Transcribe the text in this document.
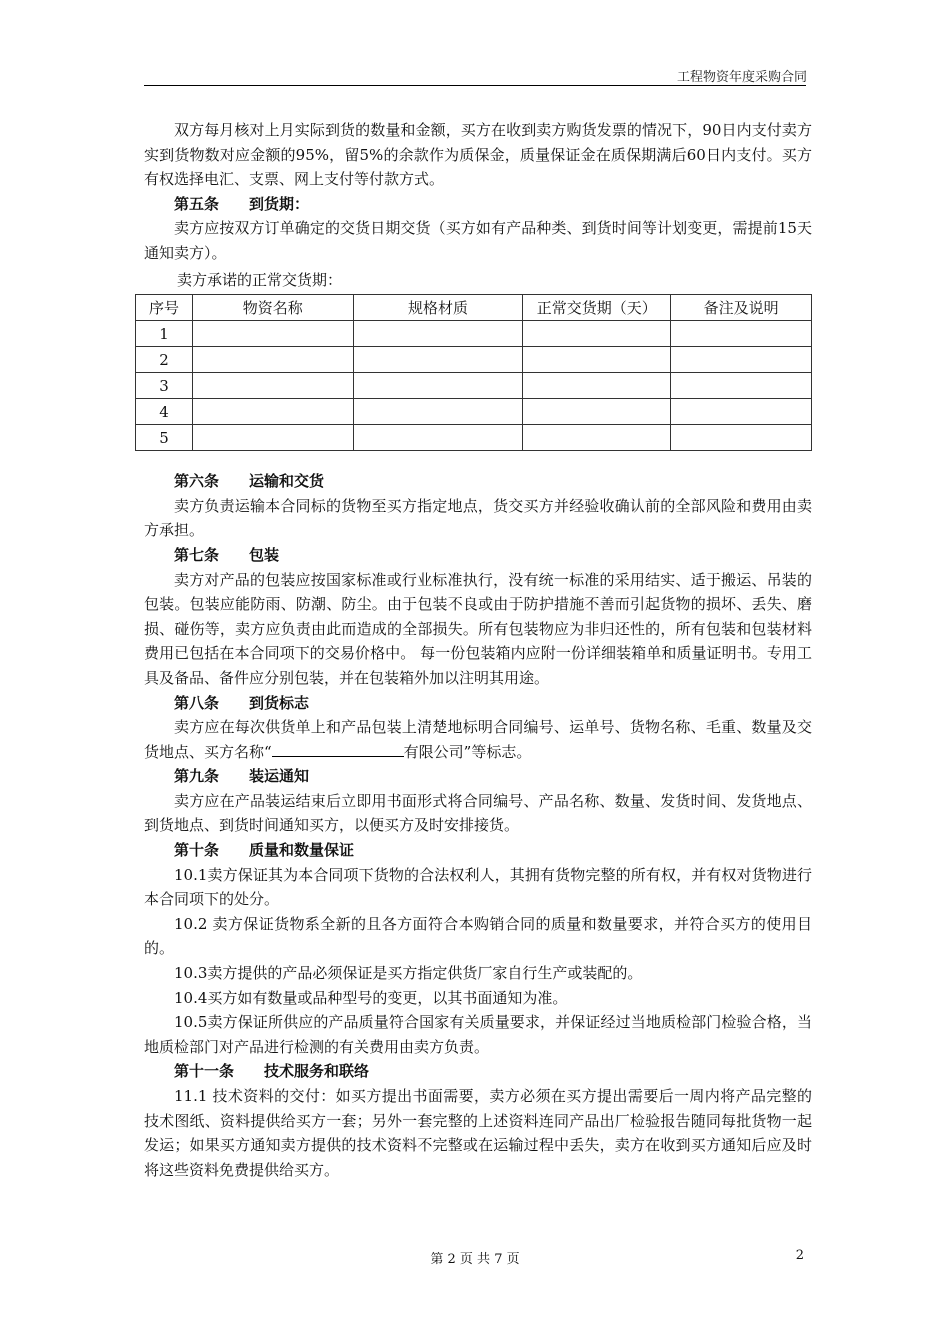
工程物资年度采购合同

双方每月核对上月实际到货的数量和金额，买方在收到卖方购货发票的情况下，90日内支付卖方实到货物数对应金额的95%，留5%的余款作为质保金，质量保证金在质保期满后60日内支付。买方有权选择电汇、支票、网上支付等付款方式。

第五条 到货期：

卖方应按双方订单确定的交货日期交货（买方如有产品种类、到货时间等计划变更，需提前15天通知卖方）。

卖方承诺的正常交货期：

序号	物资名称	规格材质	正常交货期（天）	备注及说明
1				
2				
3				
4				
5				

第六条 运输和交货

卖方负责运输本合同标的货物至买方指定地点，货交买方并经验收确认前的全部风险和费用由卖方承担。

第七条 包装

卖方对产品的包装应按国家标准或行业标准执行，没有统一标准的采用结实、适于搬运、吊装的包装。包装应能防雨、防潮、防尘。由于包装不良或由于防护措施不善而引起货物的损坏、丢失、磨损、碰伤等，卖方应负责由此而造成的全部损失。所有包装物应为非归还性的，所有包装和包装材料费用已包括在本合同项下的交易价格中。 每一份包装箱内应附一份详细装箱单和质量证明书。专用工具及备品、备件应分别包装，并在包装箱外加以注明其用途。

第八条 到货标志

卖方应在每次供货单上和产品包装上清楚地标明合同编号、运单号、货物名称、毛重、数量及交货地点、买方名称“	有限公司”等标志。

第九条 装运通知

卖方应在产品装运结束后立即用书面形式将合同编号、产品名称、数量、发货时间、发货地点、到货地点、到货时间通知买方，以便买方及时安排接货。

第十条 质量和数量保证

10.1卖方保证其为本合同项下货物的合法权利人，其拥有货物完整的所有权，并有权对货物进行本合同项下的处分。

10.2 卖方保证货物系全新的且各方面符合本购销合同的质量和数量要求，并符合买方的使用目的。

10.3卖方提供的产品必须保证是买方指定供货厂家自行生产或装配的。

10.4买方如有数量或品种型号的变更，以其书面通知为准。

10.5卖方保证所供应的产品质量符合国家有关质量要求，并保证经过当地质检部门检验合格，当地质检部门对产品进行检测的有关费用由卖方负责。

第十一条 技术服务和联络

11.1 技术资料的交付：如买方提出书面需要，卖方必须在买方提出需要后一周内将产品完整的技术图纸、资料提供给买方一套；另外一套完整的上述资料连同产品出厂检验报告随同每批货物一起发运；如果买方通知卖方提供的技术资料不完整或在运输过程中丢失，卖方在收到买方通知后应及时将这些资料免费提供给买方。

第 2 页 共 7 页	2
